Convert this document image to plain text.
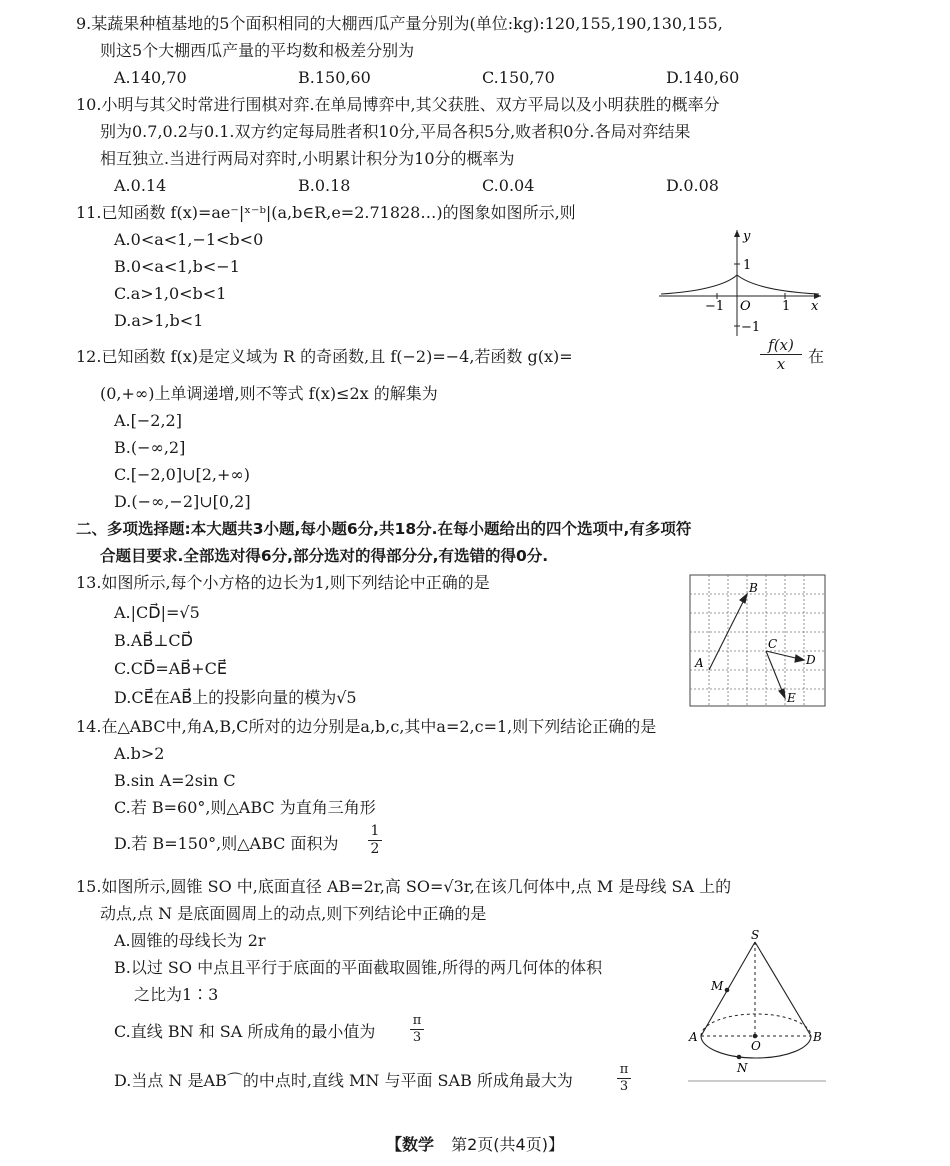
9.某蔬果种植基地的5个面积相同的大棚西瓜产量分别为(单位:kg):120,155,190,130,155,
则这5个大棚西瓜产量的平均数和极差分别为
A.140,70	B.150,60	C.150,70	D.140,60
10.小明与其父时常进行围棋对弈.在单局博弈中,其父获胜、双方平局以及小明获胜的概率分
别为0.7,0.2与0.1.双方约定每局胜者积10分,平局各积5分,败者积0分.各局对弈结果
相互独立.当进行两局对弈时,小明累计积分为10分的概率为
A.0.14	B.0.18	C.0.04	D.0.08
11.已知函数 f(x)=ae⁻|ˣ⁻ᵇ|(a,b∈R,e=2.71828…)的图象如图所示,则
A.0<a<1,−1<b<0
B.0<a<1,b<−1
C.a>1,0<b<1
D.a>1,b<1
y
x
O
−1	1
1
−1
12.已知函数 f(x)是定义域为 R 的奇函数,且 f(−2)=−4,若函数 g(x)=	$\frac{f(x)}{x}$ 在
(0,+∞)上单调递增,则不等式 f(x)≤2x 的解集为
A.[−2,2]
B.(−∞,2]
C.[−2,0]∪[2,+∞)
D.(−∞,−2]∪[0,2]
二、多项选择题:本大题共3小题,每小题6分,共18分.在每小题给出的四个选项中,有多项符
合题目要求.全部选对得6分,部分选对的得部分分,有选错的得0分.
13.如图所示,每个小方格的边长为1,则下列结论中正确的是
A.|CD⃗|=√5
B.AB⃗⊥CD⃗
C.CD⃗=AB⃗+CE⃗
D.CE⃗在AB⃗上的投影向量的模为√5
A
B
C
D
E
14.在△ABC中,角A,B,C所对的边分别是a,b,c,其中a=2,c=1,则下列结论正确的是
A.b>2
B.sin A=2sin C
C.若 B=60°,则△ABC 为直角三角形
D.若 B=150°,则△ABC 面积为 $\frac{1}{2}$
15.如图所示,圆锥 SO 中,底面直径 AB=2r,高 SO=√3r,在该几何体中,点 M 是母线 SA 上的
动点,点 N 是底面圆周上的动点,则下列结论中正确的是
A.圆锥的母线长为 2r
B.以过 SO 中点且平行于底面的平面截取圆锥,所得的两几何体的体积
之比为1∶3
C.直线 BN 和 SA 所成角的最小值为	$\frac{\pi}{3}$
D.当点 N 是AB⌒的中点时,直线 MN 与平面 SAB 所成角最大为	$\frac{\pi}{3}$
S
M
A
O
B
N
【数学 第2页(共4页)】
